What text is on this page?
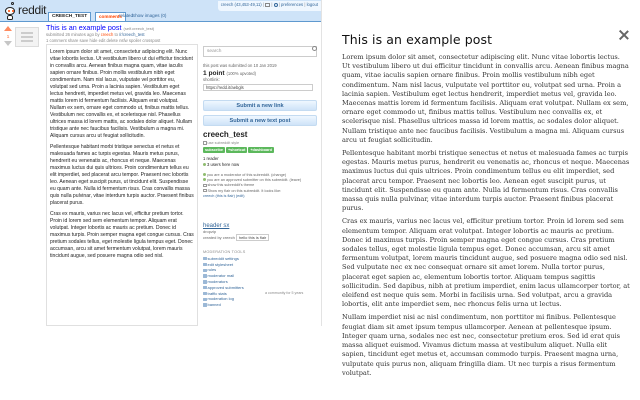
reddit	CREECH_TEST	comments
related
Show images (0)
creech (43,453·49,11) | | | preferences | logout
1
This is an example post (self.creech_test)
submitted 26 minutes ago by creech to /r/creech_test
1 comment share save hide edit delete nsfw spoiler crosspost

Lorem ipsum dolor sit amet, consectetur adipiscing elit. Nunc vitae lobortis lectus. Ut vestibulum libero ut dui efficitur tincidunt in convallis arcu. Aenean finibus magna quam, vitae iaculis sapien ornare finibus. Proin mollis vestibulum nibh eget condimentum. Nam nisl lacus, vulputate vel porttitor eu, volutpat sed urna. Proin a lacinia sapien. Vestibulum eget lectus hendrerit, imperdiet metus vel, gravida leo. Maecenas mattis lorem id fermentum facilisis. Aliquam erat volutpat. Nullam ex sem, ornare eget commodo ut, finibus mattis tellus. Vestibulum nec convallis ex, et scelerisque nisl. Phasellus ultrices massa id lorem mattis, ac sodales dolor aliquet. Nullam tristique ante nec faucibus facilisis. Vestibulum a magna mi. Aliquam cursus arcu ut feugiat sollicitudin.

Pellentesque habitant morbi tristique senectus et netus et malesuada fames ac turpis egestas. Mauris metus purus, hendrerit eu venenatis ac, rhoncus et neque. Maecenas maximus luctus dui quis ultrices. Proin condimentum tellus eu elit imperdiet, sed placerat arcu tempor. Praesent nec lobortis leo. Aenean eget suscipit purus, ut tincidunt elit. Suspendisse eu quam ante. Nulla id fermentum risus. Cras convallis massa quis nulla pulvinar, vitae interdum turpis auctor. Praesent finibus placerat purus.

Cras ex mauris, varius nec lacus vel, efficitur pretium tortor. Proin id lorem sed sem elementum tempor. Aliquam erat volutpat. Integer lobortis ac mauris ac pretium. Donec id maximus turpis. Proin semper magna eget congue cursus. Cras pretium sodales tellus, eget molestie ligula tempus eget. Donec accumsan, arcu sit amet fermentum volutpat, lorem mauris tincidunt augue, sed posuere magna odio sed nisl.

search
this post was submitted on 10 Jan 2019
1 point (100% upvoted)
shortlink:
https://redd.it/aebgls
Submit a new link
Submit a new text post
creech_test
use subreddit style
subscribe +shortcut +dashboard
1 reader
3 users here now
you are a moderator of this subreddit. (change)
you are an approved submitter on this subreddit. (leave)
show this subreddit's theme
Show my flair on this subreddit. It looks like:
creech (this is flair) (edit)
header sx
dropzip
created by creech hello this is flair
MODERATION TOOLS
subreddit settings
edit stylesheet
rules
moderator mail
moderators
approved submitters
traffic stats
moderation log
banned
a community for 5 years
This is an example post

Lorem ipsum dolor sit amet, consectetur adipiscing elit. Nunc vitae lobortis lectus. Ut vestibulum libero ut dui efficitur tincidunt in convallis arcu. Aenean finibus magna quam, vitae iaculis sapien ornare finibus. Proin mollis vestibulum nibh eget condimentum. Nam nisl lacus, vulputate vel porttitor eu, volutpat sed urna. Proin a lacinia sapien. Vestibulum eget lectus hendrerit, imperdiet metus vel, gravida leo. Maecenas mattis lorem id fermentum facilisis. Aliquam erat volutpat. Nullam ex sem, ornare eget commodo ut, finibus mattis tellus. Vestibulum nec convallis ex, et scelerisque nisl. Phasellus ultrices massa id lorem mattis, ac sodales dolor aliquet. Nullam tristique ante nec faucibus facilisis. Vestibulum a magna mi. Aliquam cursus arcu ut feugiat sollicitudin.

Pellentesque habitant morbi tristique senectus et netus et malesuada fames ac turpis egestas. Mauris metus purus, hendrerit eu venenatis ac, rhoncus et neque. Maecenas maximus luctus dui quis ultrices. Proin condimentum tellus eu elit imperdiet, sed placerat arcu tempor. Praesent nec lobortis leo. Aenean eget suscipit purus, ut tincidunt elit. Suspendisse eu quam ante. Nulla id fermentum risus. Cras convallis massa quis nulla pulvinar, vitae interdum turpis auctor. Praesent finibus placerat purus.

Cras ex mauris, varius nec lacus vel, efficitur pretium tortor. Proin id lorem sed sem elementum tempor. Aliquam erat volutpat. Integer lobortis ac mauris ac pretium. Donec id maximus turpis. Proin semper magna eget congue cursus. Cras pretium sodales tellus, eget molestie ligula tempus eget. Donec accumsan, arcu sit amet fermentum volutpat, lorem mauris tincidunt augue, sed posuere magna odio sed nisl. Sed vulputate nec ex nec consequat ornare sit amet lorem. Nulla tortor purus, placerat eget sapien ac, elementum lobortis tortor. Aliquam tempus sagittis sollicitudin. Sed dapibus, nibh at pretium imperdiet, enim lacus ullamcorper tortor, at eleifend est neque quis sem. Morbi in facilisis urna. Sed volutpat, arcu a gravida lobortis, elit ante imperdiet sem, nec rhoncus felis urna ut lectus.

Nullam imperdiet nisi ac nisl condimentum, non porttitor mi finibus. Pellentesque feugiat diam sit amet ipsum tempus ullamcorper. Aenean at pellentesque ipsum. Integer quam urna, sodales nec est nec, consectetur pretium eros. Sed id erat quis massa aliquet euismod. Vivamus dictum massa at vestibulum aliquet. Nulla elit sapien, tincidunt eget metus et, accumsan commodo turpis. Praesent magna urna, vulputate quis purus non, aliquam fringilla diam. Ut nec turpis a risus fermentum volutpat.
